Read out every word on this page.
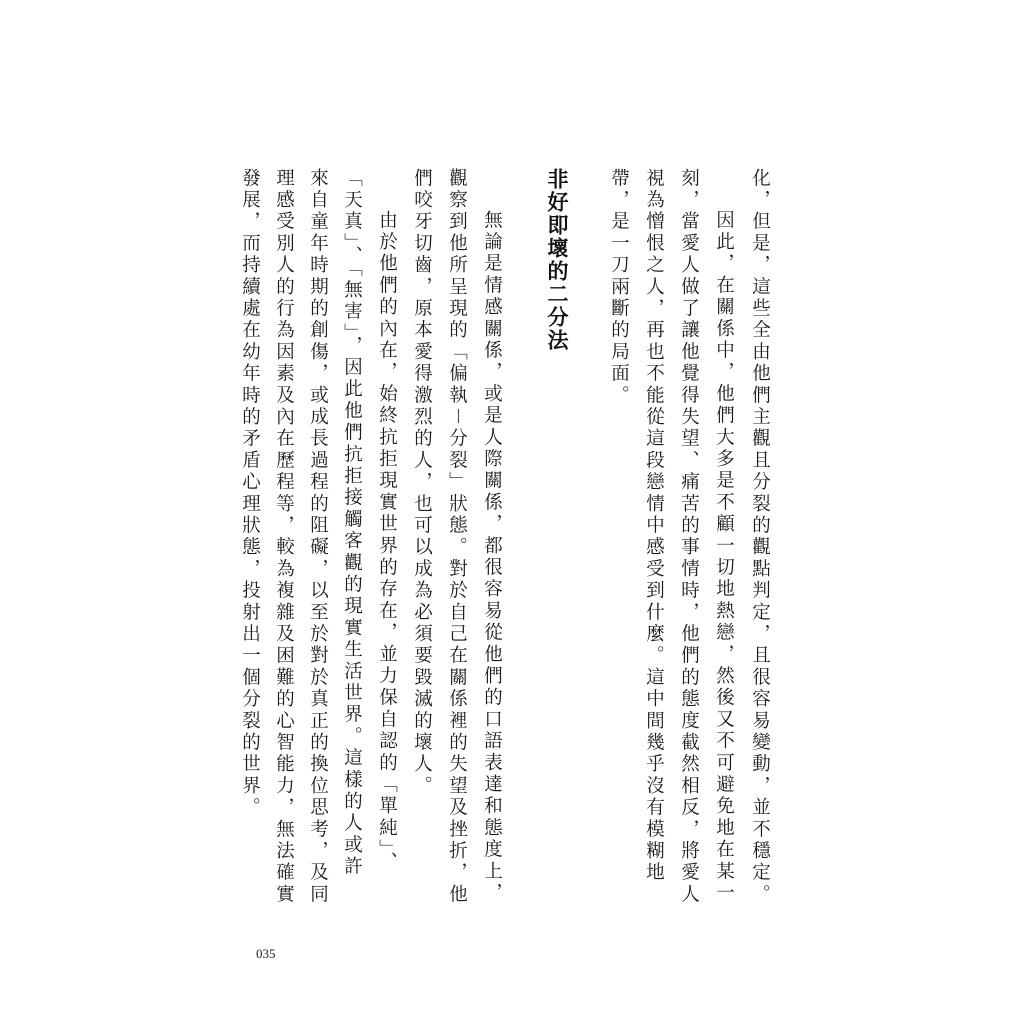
化，但是，這些全由他們主觀且分裂的觀點判定，且很容易變動，並不穩定。
因此，在關係中，他們大多是不顧一切地熱戀，然後又不可避免地在某一
刻，當愛人做了讓他覺得失望、痛苦的事情時，他們的態度截然相反，將愛人
視為憎恨之人，再也不能從這段戀情中感受到什麼。這中間幾乎沒有模糊地
帶，是一刀兩斷的局面。
非好即壞的二分法
無論是情感關係，或是人際關係，都很容易從他們的口語表達和態度上，
觀察到他所呈現的「偏執－分裂」狀態。對於自己在關係裡的失望及挫折，他
們咬牙切齒，原本愛得激烈的人，也可以成為必須要毀滅的壞人。
由於他們的內在，始終抗拒現實世界的存在，並力保自認的「單純」、
「天真」、「無害」，因此他們抗拒接觸客觀的現實生活世界。這樣的人或許
來自童年時期的創傷，或成長過程的阻礙，以至於對於真正的換位思考，及同
理感受別人的行為因素及內在歷程等，較為複雜及困難的心智能力，無法確實
發展，而持續處在幼年時的矛盾心理狀態，投射出一個分裂的世界。
035
